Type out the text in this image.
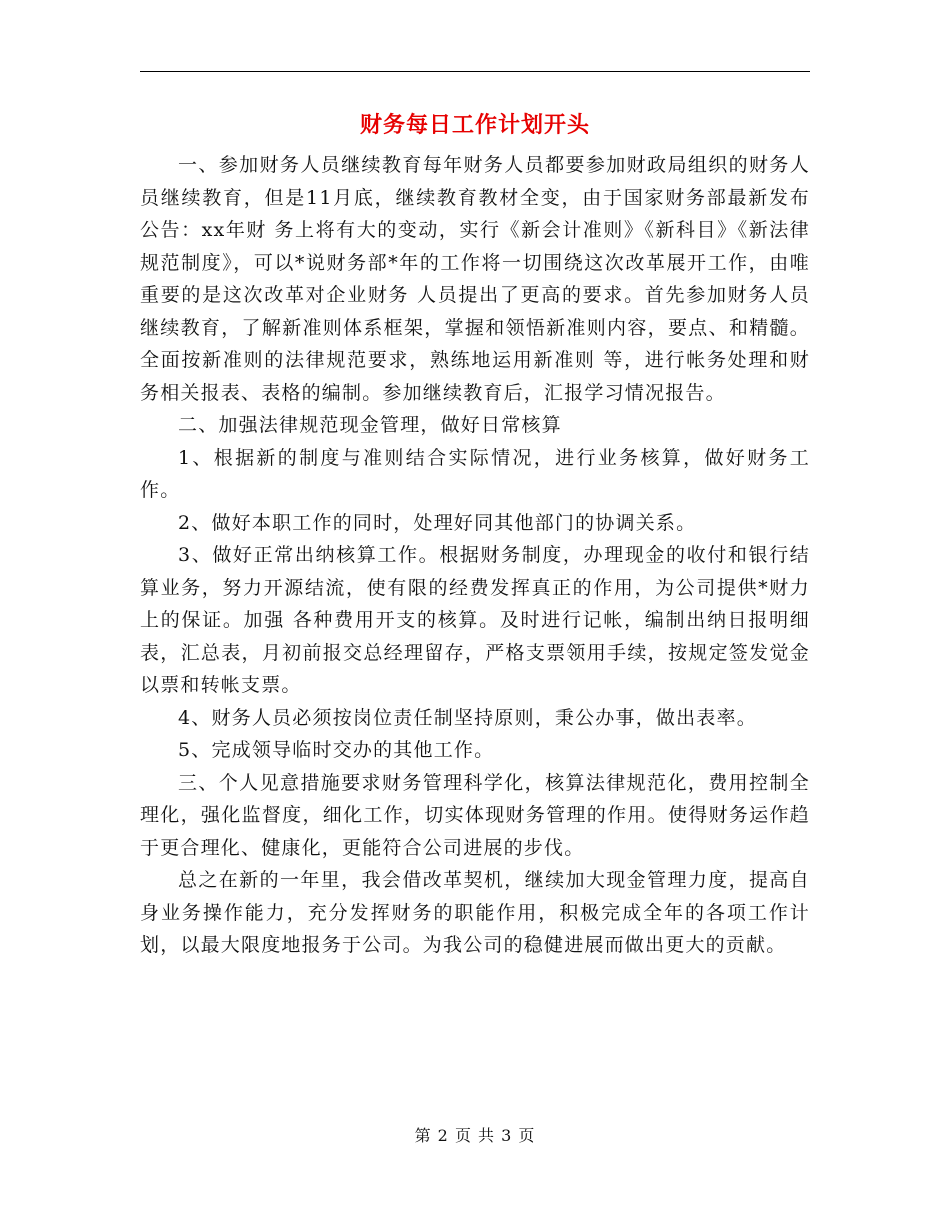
财务每日工作计划开头

一、参加财务人员继续教育每年财务人员都要参加财政局组织的财务人员继续教育，但是11月底，继续教育教材全变，由于国家财务部最新发布公告：xx年财 务上将有大的变动，实行《新会计准则》《新科目》《新法律规范制度》，可以*说财务部*年的工作将一切围绕这次改革展开工作，由唯重要的是这次改革对企业财务 人员提出了更高的要求。首先参加财务人员继续教育，了解新准则体系框架，掌握和领悟新准则内容，要点、和精髓。全面按新准则的法律规范要求，熟练地运用新准则 等，进行帐务处理和财务相关报表、表格的编制。参加继续教育后，汇报学习情况报告。

二、加强法律规范现金管理，做好日常核算

1、根据新的制度与准则结合实际情况，进行业务核算，做好财务工作。

2、做好本职工作的同时，处理好同其他部门的协调关系。

3、做好正常出纳核算工作。根据财务制度，办理现金的收付和银行结算业务，努力开源结流，使有限的经费发挥真正的作用，为公司提供*财力上的保证。加强 各种费用开支的核算。及时进行记帐，编制出纳日报明细表，汇总表，月初前报交总经理留存，严格支票领用手续，按规定签发觉金以票和转帐支票。

4、财务人员必须按岗位责任制坚持原则，秉公办事，做出表率。

5、完成领导临时交办的其他工作。

三、个人见意措施要求财务管理科学化，核算法律规范化，费用控制全理化，强化监督度，细化工作，切实体现财务管理的作用。使得财务运作趋于更合理化、健康化，更能符合公司进展的步伐。

总之在新的一年里，我会借改革契机，继续加大现金管理力度，提高自身业务操作能力，充分发挥财务的职能作用，积极完成全年的各项工作计划，以最大限度地报务于公司。为我公司的稳健进展而做出更大的贡献。

第 2 页 共 3 页
